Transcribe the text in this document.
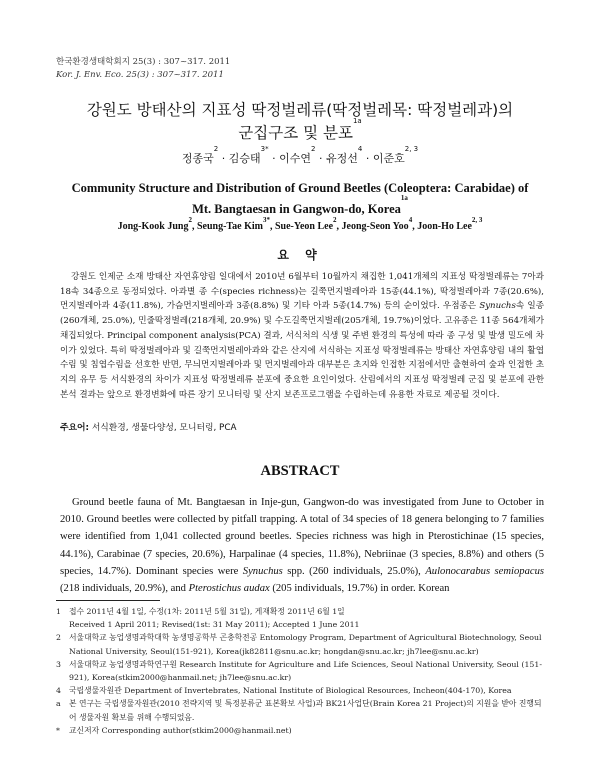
한국환경생태학회지 25(3) : 307~317. 2011
Kor. J. Env. Eco. 25(3) : 307~317. 2011
강원도 방태산의 지표성 딱정벌레류(딱정벌레목: 딱정벌레과)의
군집구조 및 분포$^{1a}$
정종국$^2$ · 김승태$^{3*}$ · 이수연$^2$ · 유정선$^4$ · 이준호$^{2, 3}$
Community Structure and Distribution of Ground Beetles (Coleoptera: Carabidae) of
Mt. Bangtaesan in Gangwon-do, Korea$^{1a}$
Jong-Kook Jung$^2$, Seung-Tae Kim$^{3*}$, Sue-Yeon Lee$^2$, Jeong-Seon Yoo$^4$, Joon-Ho Lee$^{2, 3}$
요 약
강원도 인제군 소재 방태산 자연휴양림 일대에서 2010년 6월부터 10월까지 채집한 1,041개체의 지표성 딱정벌레류는 7아과 18속 34종으로 동정되었다. 아과별 종 수(species richness)는 길쭉먼지벌레아과 15종(44.1%), 딱정벌레아과 7종(20.6%), 먼지벌레아과 4종(11.8%), 가슴먼지벌레아과 3종(8.8%) 및 기타 아과 5종(14.7%) 등의 순이었다. 우점종은 Synuchs속 일종(260개체, 25.0%), 민줄딱정벌레(218개체, 20.9%) 및 수도길쭉먼지벌레(205개체, 19.7%)이었다. 고유종은 11종 564개체가 채집되었다. Principal component analysis(PCA) 결과, 서식처의 식생 및 주변 환경의 특성에 따라 종 구성 및 발생 밀도에 차이가 있었다. 특히 딱정벌레아과 및 길쭉먼지벌레아과와 같은 산지에 서식하는 지표성 딱정벌레류는 방태산 자연휴양림 내의 활엽수림 및 침엽수림을 선호한 반면, 무늬먼지벌레아과 및 먼지벌레아과 대부분은 초지와 인접한 지점에서만 출현하여 숲과 인접한 초지의 유무 등 서식환경의 차이가 지표성 딱정벌레류 분포에 중요한 요인이었다. 산림에서의 지표성 딱정벌레 군집 및 분포에 관한 본석 결과는 앞으로 환경변화에 따른 장기 모니터링 및 산지 보존프로그램을 수립하는데 유용한 자료로 제공될 것이다.
주요어: 서식환경, 생물다양성, 모니터링, PCA
ABSTRACT
Ground beetle fauna of Mt. Bangtaesan in Inje-gun, Gangwon-do was investigated from June to October in 2010. Ground beetles were collected by pitfall trapping. A total of 34 species of 18 genera belonging to 7 families were identified from 1,041 collected ground beetles. Species richness was high in Pterostichinae (15 species, 44.1%), Carabinae (7 species, 20.6%), Harpalinae (4 species, 11.8%), Nebriinae (3 species, 8.8%) and others (5 species, 14.7%). Dominant species were Synuchus spp. (260 individuals, 25.0%), Aulonocarabus semiopacus (218 individuals, 20.9%), and Pterostichus audax (205 individuals, 19.7%) in order. Korean
1	접수 2011년 4월 1일, 수정(1차: 2011년 5월 31일), 게재확정 2011년 6월 1일
Received 1 April 2011; Revised(1st: 31 May 2011); Accepted 1 June 2011
2	서울대학교 농업생명과학대학 농생명공학부 곤충학전공 Entomology Program, Department of Agricultural Biotechnology, Seoul National University, Seoul(151-921), Korea(jk82811@snu.ac.kr; hongdan@snu.ac.kr; jh7lee@snu.ac.kr)
3	서울대학교 농업생명과학연구원 Research Institute for Agriculture and Life Sciences, Seoul National University, Seoul (151-921), Korea(stkim2000@hanmail.net; jh7lee@snu.ac.kr)
4	국립생물자원관 Department of Invertebrates, National Institute of Biological Resources, Incheon(404-170), Korea
a	본 연구는 국립생물자원관(2010 전략지역 및 특정분류군 표본확보 사업)과 BK21사업단(Brain Korea 21 Project)의 지원을 받아 진행되어 생물자원 확보를 위해 수행되었음.
*	교신저자 Corresponding author(stkim2000@hanmail.net)
